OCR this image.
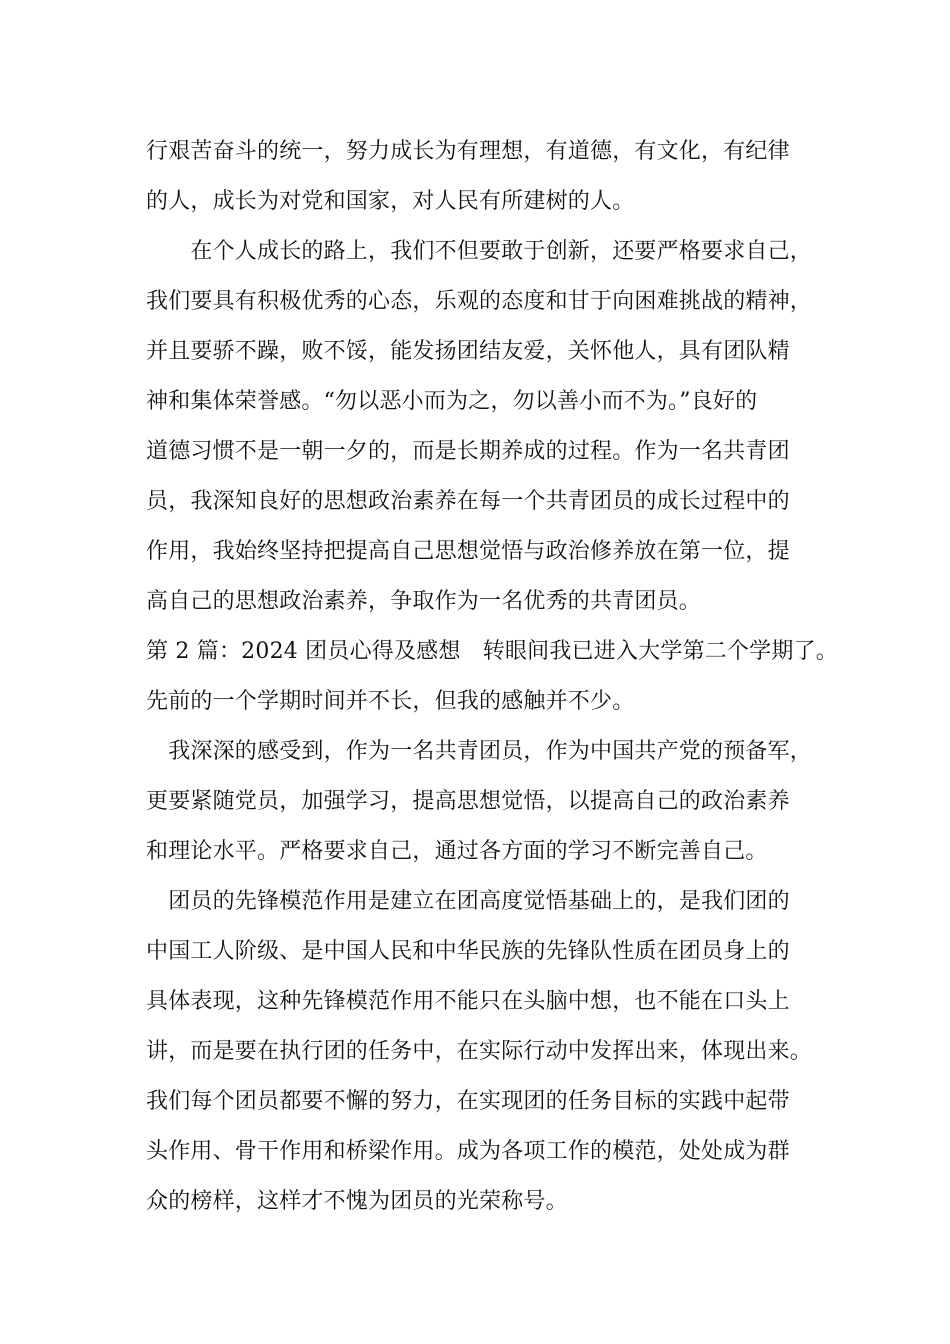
行艰苦奋斗的统一，努力成长为有理想，有道德，有文化，有纪律
的人，成长为对党和国家，对人民有所建树的人。
　　在个人成长的路上，我们不但要敢于创新，还要严格要求自己，
我们要具有积极优秀的心态，乐观的态度和甘于向困难挑战的精神，
并且要骄不躁，败不馁，能发扬团结友爱，关怀他人，具有团队精
神和集体荣誉感。“勿以恶小而为之，勿以善小而不为。”良好的
道德习惯不是一朝一夕的，而是长期养成的过程。作为一名共青团
员，我深知良好的思想政治素养在每一个共青团员的成长过程中的
作用，我始终坚持把提高自己思想觉悟与政治修养放在第一位，提
高自己的思想政治素养，争取作为一名优秀的共青团员。
第 2 篇：2024 团员心得及感想　转眼间我已进入大学第二个学期了。
先前的一个学期时间并不长，但我的感触并不少。
　我深深的感受到，作为一名共青团员，作为中国共产党的预备军，
更要紧随党员，加强学习，提高思想觉悟，以提高自己的政治素养
和理论水平。严格要求自己，通过各方面的学习不断完善自己。
　团员的先锋模范作用是建立在团高度觉悟基础上的，是我们团的
中国工人阶级、是中国人民和中华民族的先锋队性质在团员身上的
具体表现，这种先锋模范作用不能只在头脑中想，也不能在口头上
讲，而是要在执行团的任务中，在实际行动中发挥出来，体现出来。
我们每个团员都要不懈的努力，在实现团的任务目标的实践中起带
头作用、骨干作用和桥梁作用。成为各项工作的模范，处处成为群
众的榜样，这样才不愧为团员的光荣称号。
